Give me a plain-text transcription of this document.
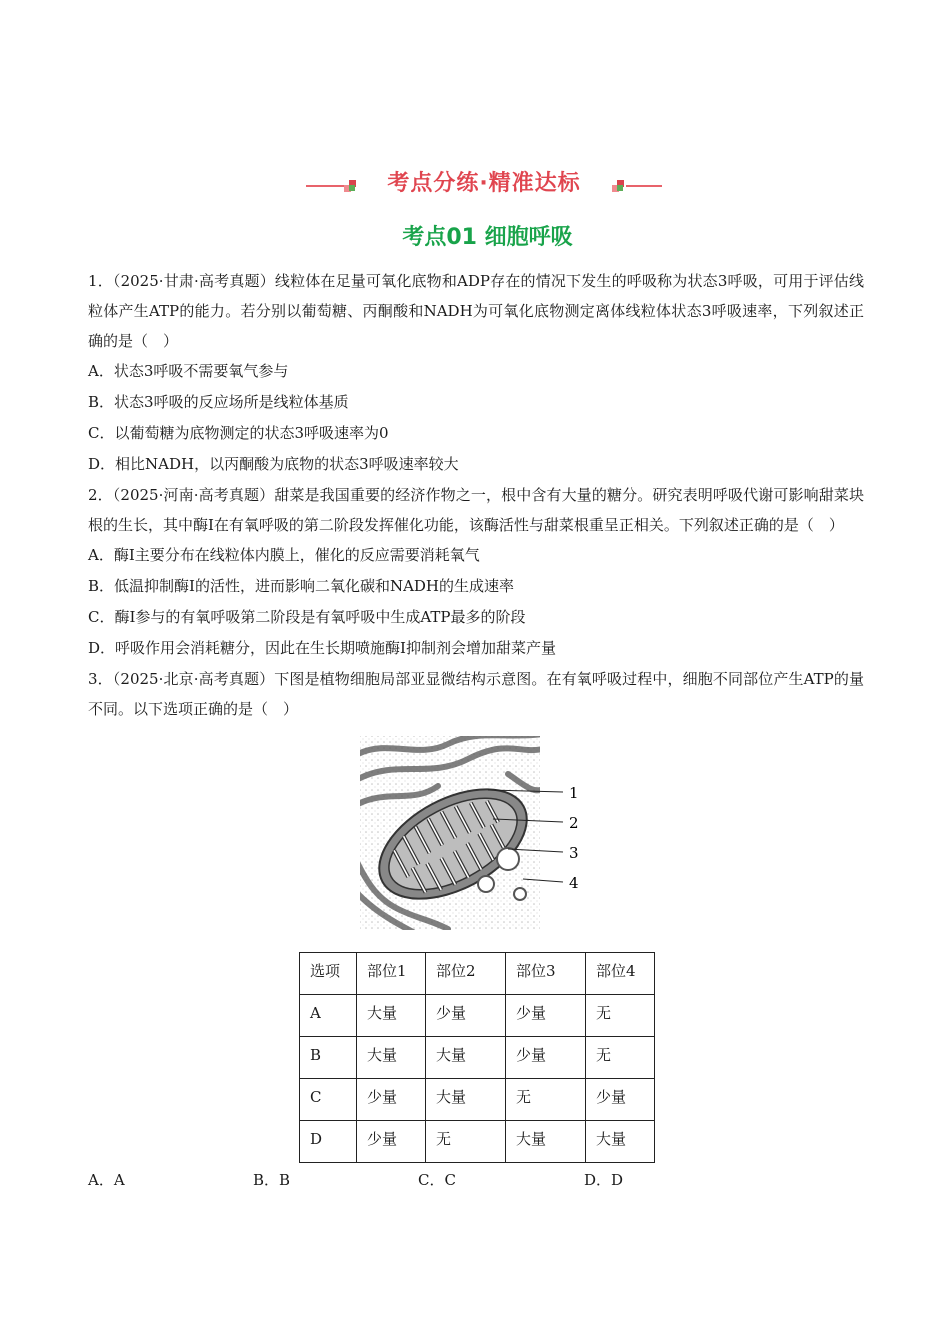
考点分练·精准达标
考点01 细胞呼吸

1．（2025·甘肃·高考真题）线粒体在足量可氧化底物和ADP存在的情况下发生的呼吸称为状态3呼吸，可用于评估线粒体产生ATP的能力。若分别以葡萄糖、丙酮酸和NADH为可氧化底物测定离体线粒体状态3呼吸速率，下列叙述正确的是（　）

A．状态3呼吸不需要氧气参与

B．状态3呼吸的反应场所是线粒体基质

C．以葡萄糖为底物测定的状态3呼吸速率为0

D．相比NADH，以丙酮酸为底物的状态3呼吸速率较大

2．（2025·河南·高考真题）甜菜是我国重要的经济作物之一，根中含有大量的糖分。研究表明呼吸代谢可影响甜菜块根的生长，其中酶Ⅰ在有氧呼吸的第二阶段发挥催化功能，该酶活性与甜菜根重呈正相关。下列叙述正确的是（　）

A．酶Ⅰ主要分布在线粒体内膜上，催化的反应需要消耗氧气

B．低温抑制酶Ⅰ的活性，进而影响二氧化碳和NADH的生成速率

C．酶Ⅰ参与的有氧呼吸第二阶段是有氧呼吸中生成ATP最多的阶段

D．呼吸作用会消耗糖分，因此在生长期喷施酶Ⅰ抑制剂会增加甜菜产量

3．（2025·北京·高考真题）下图是植物细胞局部亚显微结构示意图。在有氧呼吸过程中，细胞不同部位产生ATP的量不同。以下选项正确的是（　）

1
2
3
4
选项	部位1	部位2	部位3	部位4
A	大量	少量	少量	无
B	大量	大量	少量	无
C	少量	大量	无	少量
D	少量	无	大量	大量
A．A	B．B	C．C	D．D
